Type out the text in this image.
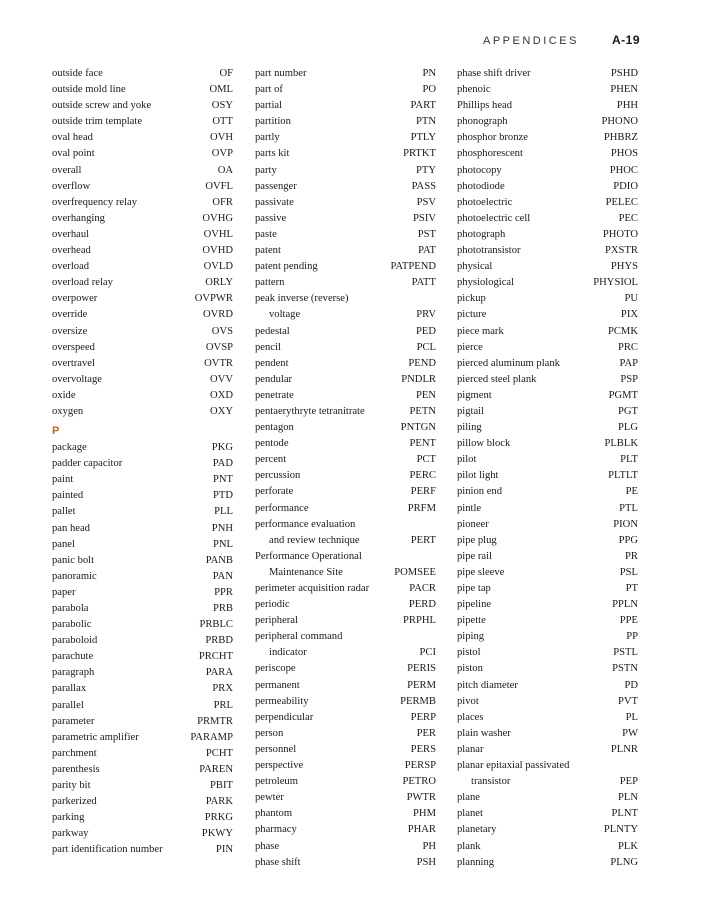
APPENDICES	A-19
outside face	OF
outside mold line	OML
outside screw and yoke	OSY
outside trim template	OTT
oval head	OVH
oval point	OVP
overall	OA
overflow	OVFL
overfrequency relay	OFR
overhanging	OVHG
overhaul	OVHL
overhead	OVHD
overload	OVLD
overload relay	ORLY
overpower	OVPWR
override	OVRD
oversize	OVS
overspeed	OVSP
overtravel	OVTR
overvoltage	OVV
oxide	OXD
oxygen	OXY
P
package	PKG
padder capacitor	PAD
paint	PNT
painted	PTD
pallet	PLL
pan head	PNH
panel	PNL
panic bolt	PANB
panoramic	PAN
paper	PPR
parabola	PRB
parabolic	PRBLC
paraboloid	PRBD
parachute	PRCHT
paragraph	PARA
parallax	PRX
parallel	PRL
parameter	PRMTR
parametric amplifier	PARAMP
parchment	PCHT
parenthesis	PAREN
parity bit	PBIT
parkerized	PARK
parking	PRKG
parkway	PKWY
part identification number	PIN
part number	PN
part of	PO
partial	PART
partition	PTN
partly	PTLY
parts kit	PRTKT
party	PTY
passenger	PASS
passivate	PSV
passive	PSIV
paste	PST
patent	PAT
patent pending	PATPEND
pattern	PATT
peak inverse (reverse)
voltage	PRV
pedestal	PED
pencil	PCL
pendent	PEND
pendular	PNDLR
penetrate	PEN
pentaerythryte tetranitrate	PETN
pentagon	PNTGN
pentode	PENT
percent	PCT
percussion	PERC
perforate	PERF
performance	PRFM
performance evaluation
and review technique	PERT
Performance Operational
Maintenance Site	POMSEE
perimeter acquisition radar	PACR
periodic	PERD
peripheral	PRPHL
peripheral command
indicator	PCI
periscope	PERIS
permanent	PERM
permeability	PERMB
perpendicular	PERP
person	PER
personnel	PERS
perspective	PERSP
petroleum	PETRO
pewter	PWTR
phantom	PHM
pharmacy	PHAR
phase	PH
phase shift	PSH
phase shift driver	PSHD
phenoic	PHEN
Phillips head	PHH
phonograph	PHONO
phosphor bronze	PHBRZ
phosphorescent	PHOS
photocopy	PHOC
photodiode	PDIO
photoelectric	PELEC
photoelectric cell	PEC
photograph	PHOTO
phototransistor	PXSTR
physical	PHYS
physiological	PHYSIOL
pickup	PU
picture	PIX
piece mark	PCMK
pierce	PRC
pierced aluminum plank	PAP
pierced steel plank	PSP
pigment	PGMT
pigtail	PGT
piling	PLG
pillow block	PLBLK
pilot	PLT
pilot light	PLTLT
pinion end	PE
pintle	PTL
pioneer	PION
pipe plug	PPG
pipe rail	PR
pipe sleeve	PSL
pipe tap	PT
pipeline	PPLN
pipette	PPE
piping	PP
pistol	PSTL
piston	PSTN
pitch diameter	PD
pivot	PVT
places	PL
plain washer	PW
planar	PLNR
planar epitaxial passivated
transistor	PEP
plane	PLN
planet	PLNT
planetary	PLNTY
plank	PLK
planning	PLNG
